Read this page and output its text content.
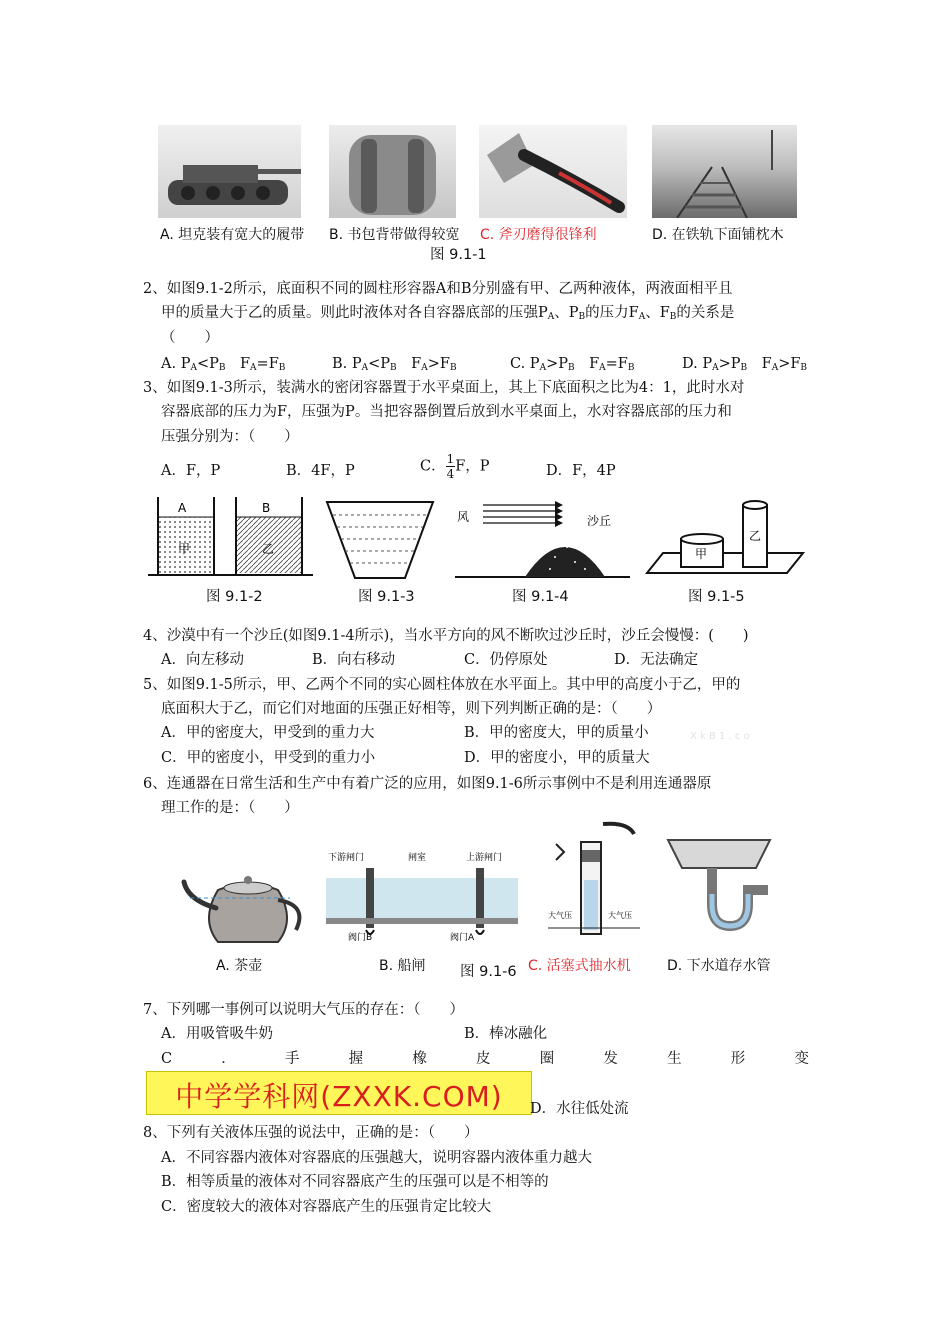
A. 坦克装有宽大的履带 B. 书包背带做得较宽 C. 斧刃磨得很锋利	D. 在铁轨下面铺枕木
图 9.1-1
2、如图9.1-2所示，底面积不同的圆柱形容器A和B分别盛有甲、乙两种液体，两液面相平且
甲的质量大于乙的质量。则此时液体对各自容器底部的压强$P_A$、$P_B$的压力$F_A$、$F_B$的关系是
（　　）
A. $P_A<P_B$　$F_A=F_B$	B. $P_A<P_B$　$F_A>F_B$	C. $P_A>P_B$　$F_A=F_B$	D. $P_A>P_B$　$F_A>F_B$
3、如图9.1-3所示，装满水的密闭容器置于水平桌面上，其上下底面积之比为4：1，此时水对
容器底部的压力为F，压强为P。当把容器倒置后放到水平桌面上，水对容器底部的压力和
压强分别为：（　　）
A．F，P	B．4F，P	C． $\frac{1}{4}$ F，P	D．F，4P
A	B
甲	乙
风	沙丘
甲
乙
图 9.1-2	图 9.1-3	图 9.1-4	图 9.1-5
4、沙漠中有一个沙丘(如图9.1-4所示)，当水平方向的风不断吹过沙丘时，沙丘会慢慢：(　　)
A．向左移动	B．向右移动	C．仍停原处	D．无法确定
5、如图9.1-5所示，甲、乙两个不同的实心圆柱体放在水平面上。其中甲的高度小于乙，甲的
底面积大于乙，而它们对地面的压强正好相等，则下列判断正确的是：（　　）
X k B 1 . c o
A．甲的密度大，甲受到的重力大	B．甲的密度大，甲的质量小
C．甲的密度小，甲受到的重力小	D．甲的密度小，甲的质量大
6、连通器在日常生活和生产中有着广泛的应用，如图9.1-6所示事例中不是利用连通器原
理工作的是：（　　）
下游闸门	闸室	上游闸门
阀门B	阀门A
大气压	大气压
A. 茶壶	B. 船闸 图 9.1-6 C. 活塞式抽水机	D. 下水道存水管
7、下列哪一事例可以说明大气压的存在：（　　）
A．用吸管吸牛奶	B．棒冰融化
C	．	手	握	橡	皮	圈	发	生	形	变
中学学科网(ZXXK.COM)	D．水往低处流
8、下列有关液体压强的说法中，正确的是：（　　）
A．不同容器内液体对容器底的压强越大，说明容器内液体重力越大
B．相等质量的液体对不同容器底产生的压强可以是不相等的
C．密度较大的液体对容器底产生的压强肯定比较大
